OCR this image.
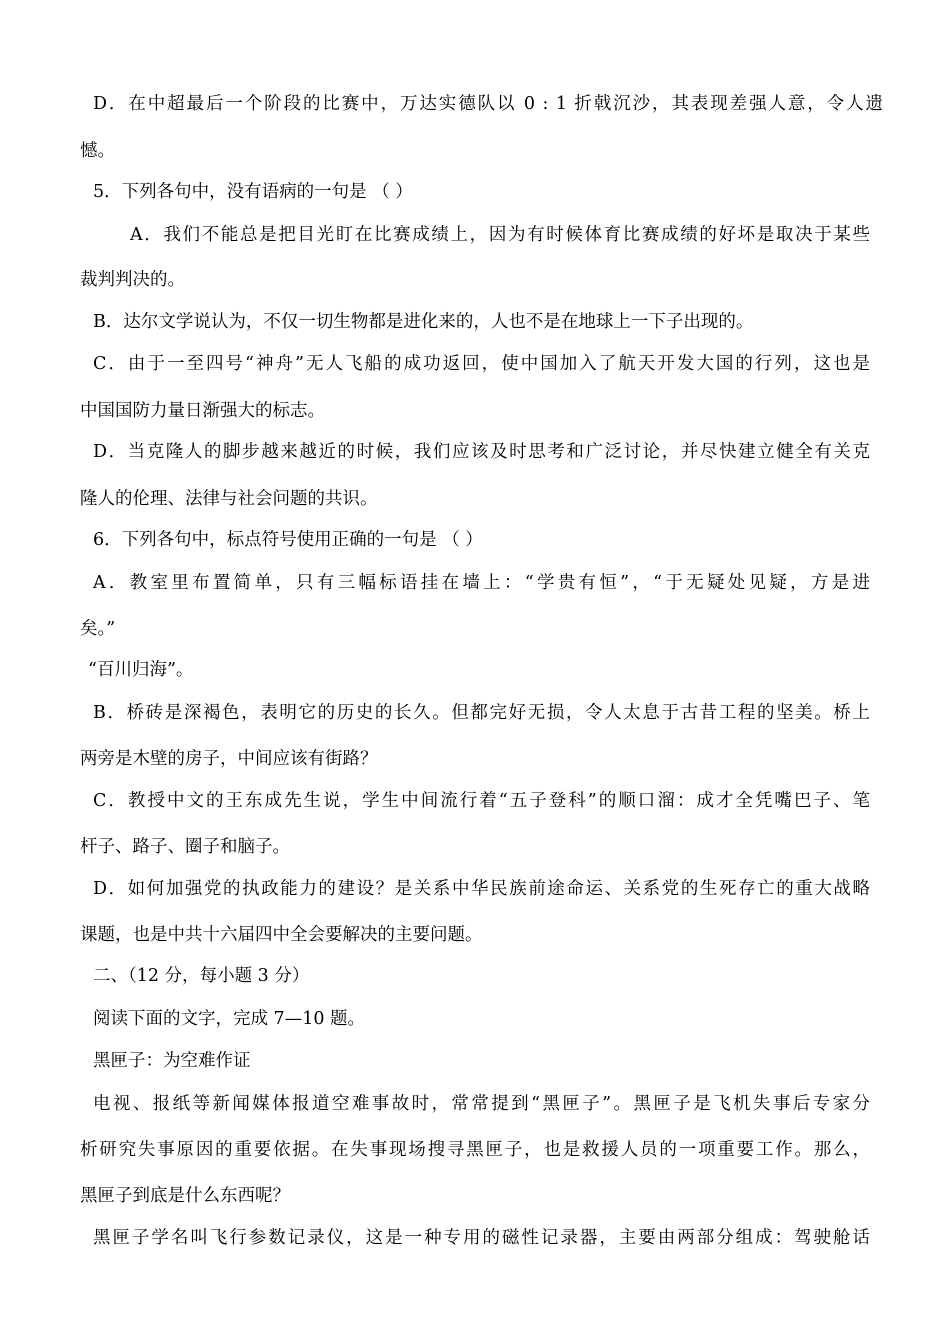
D．在中超最后一个阶段的比赛中，万达实德队以 0 : 1 折戟沉沙，其表现差强人意，令人遗

憾。

5．下列各句中，没有语病的一句是 （ ）

A．我们不能总是把目光盯在比赛成绩上，因为有时候体育比赛成绩的好坏是取决于某些

裁判判决的。

B．达尔文学说认为，不仅一切生物都是进化来的，人也不是在地球上一下子出现的。

C．由于一至四号“神舟”无人飞船的成功返回，使中国加入了航天开发大国的行列，这也是

中国国防力量日渐强大的标志。

D．当克隆人的脚步越来越近的时候，我们应该及时思考和广泛讨论，并尽快建立健全有关克

隆人的伦理、法律与社会问题的共识。

6．下列各句中，标点符号使用正确的一句是 （ ）

A．教室里布置简单，只有三幅标语挂在墙上：“学贵有恒”，“于无疑处见疑，方是进

矣。”

“百川归海”。

B．桥砖是深褐色，表明它的历史的长久。但都完好无损，令人太息于古昔工程的坚美。桥上

两旁是木壁的房子，中间应该有街路？

C．教授中文的王东成先生说，学生中间流行着“五子登科”的顺口溜：成才全凭嘴巴子、笔

杆子、路子、圈子和脑子。

D．如何加强党的执政能力的建设？是关系中华民族前途命运、关系党的生死存亡的重大战略

课题，也是中共十六届四中全会要解决的主要问题。

二、（12 分，每小题 3 分）

阅读下面的文字，完成 7—10 题。

黑匣子：为空难作证

电视、报纸等新闻媒体报道空难事故时，常常提到“黑匣子”。黑匣子是飞机失事后专家分

析研究失事原因的重要依据。在失事现场搜寻黑匣子，也是救援人员的一项重要工作。那么，

黑匣子到底是什么东西呢？

黑匣子学名叫飞行参数记录仪，这是一种专用的磁性记录器，主要由两部分组成：驾驶舱话
